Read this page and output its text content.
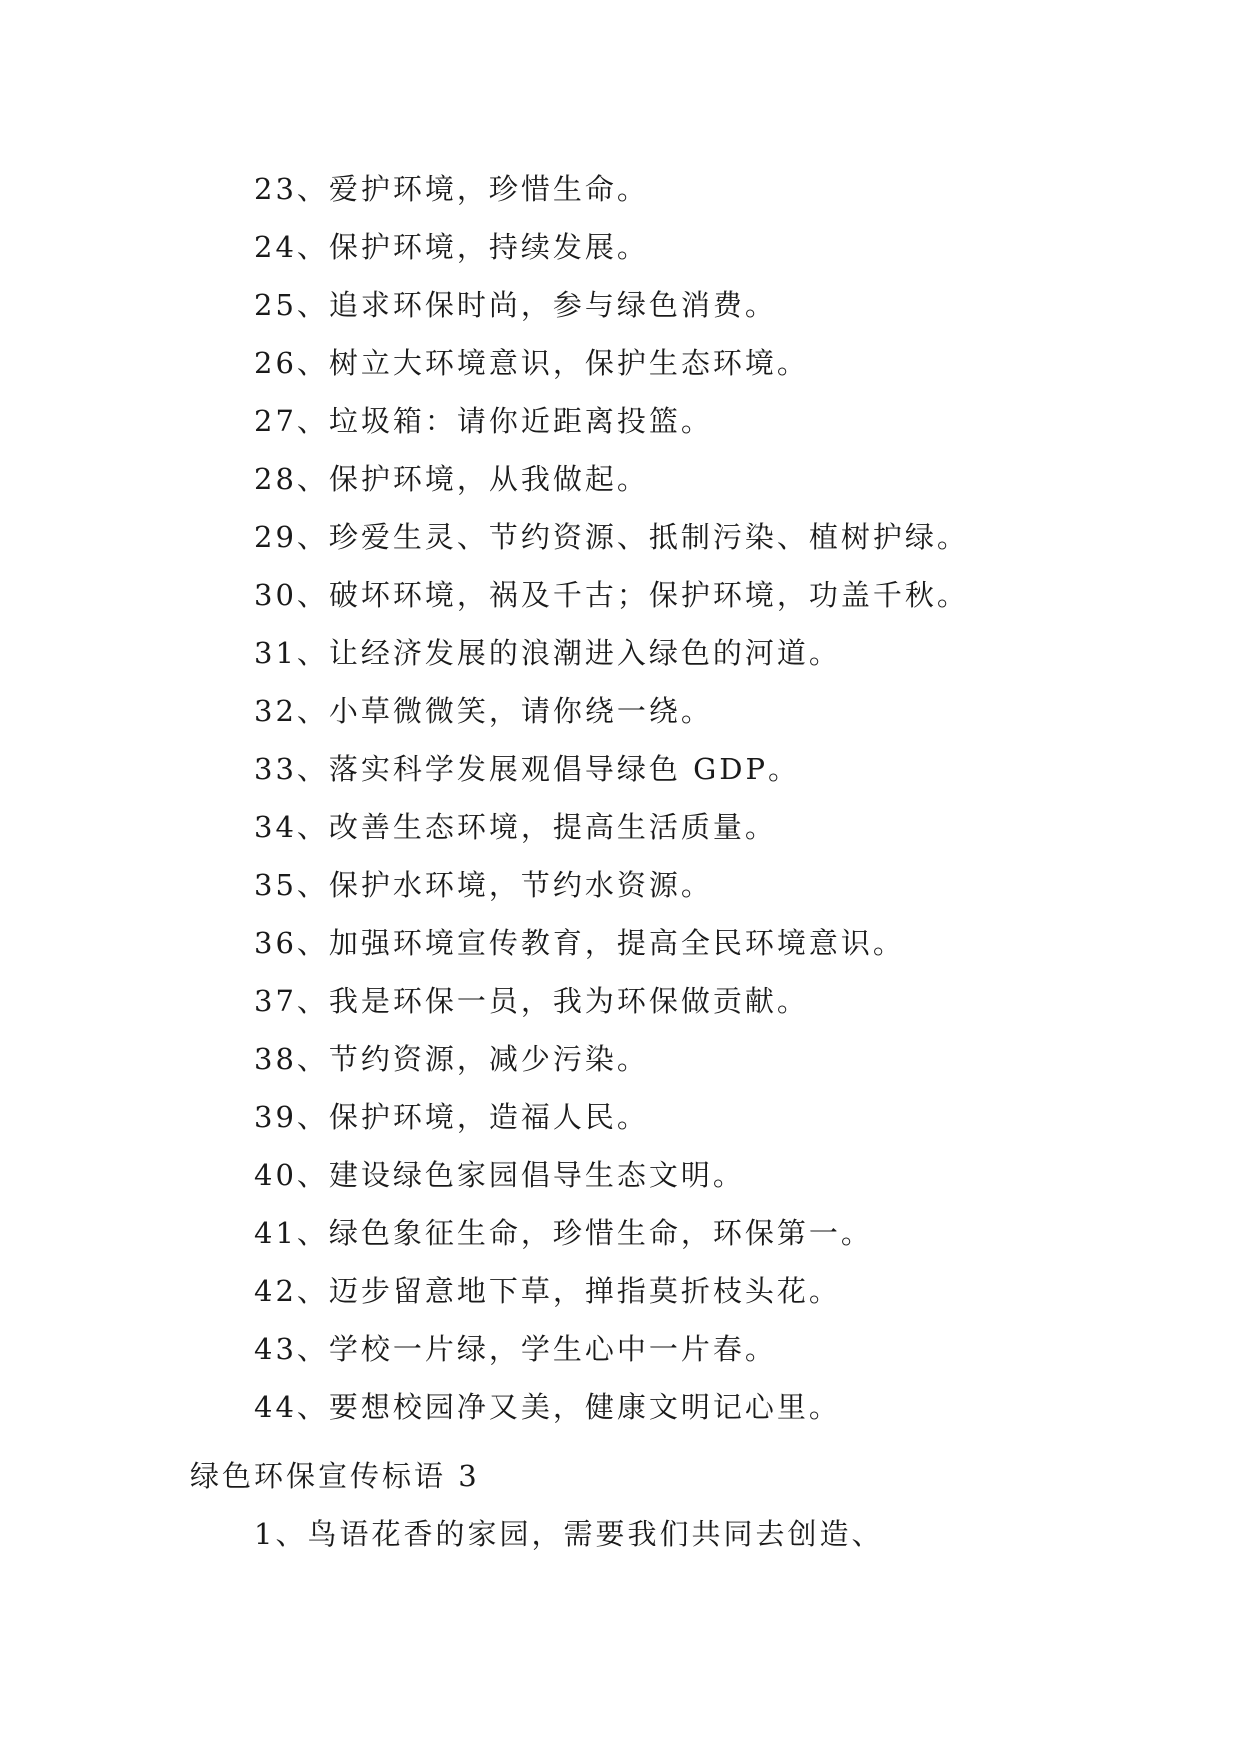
23、爱护环境，珍惜生命。
24、保护环境，持续发展。
25、追求环保时尚，参与绿色消费。
26、树立大环境意识，保护生态环境。
27、垃圾箱：请你近距离投篮。
28、保护环境，从我做起。
29、珍爱生灵、节约资源、抵制污染、植树护绿。
30、破坏环境，祸及千古；保护环境，功盖千秋。
31、让经济发展的浪潮进入绿色的河道。
32、小草微微笑，请你绕一绕。
33、落实科学发展观倡导绿色 GDP。
34、改善生态环境，提高生活质量。
35、保护水环境，节约水资源。
36、加强环境宣传教育，提高全民环境意识。
37、我是环保一员，我为环保做贡献。
38、节约资源，减少污染。
39、保护环境，造福人民。
40、建设绿色家园倡导生态文明。
41、绿色象征生命，珍惜生命，环保第一。
42、迈步留意地下草，掸指莫折枝头花。
43、学校一片绿，学生心中一片春。
44、要想校园净又美，健康文明记心里。
绿色环保宣传标语 3

1、鸟语花香的家园，需要我们共同去创造、
